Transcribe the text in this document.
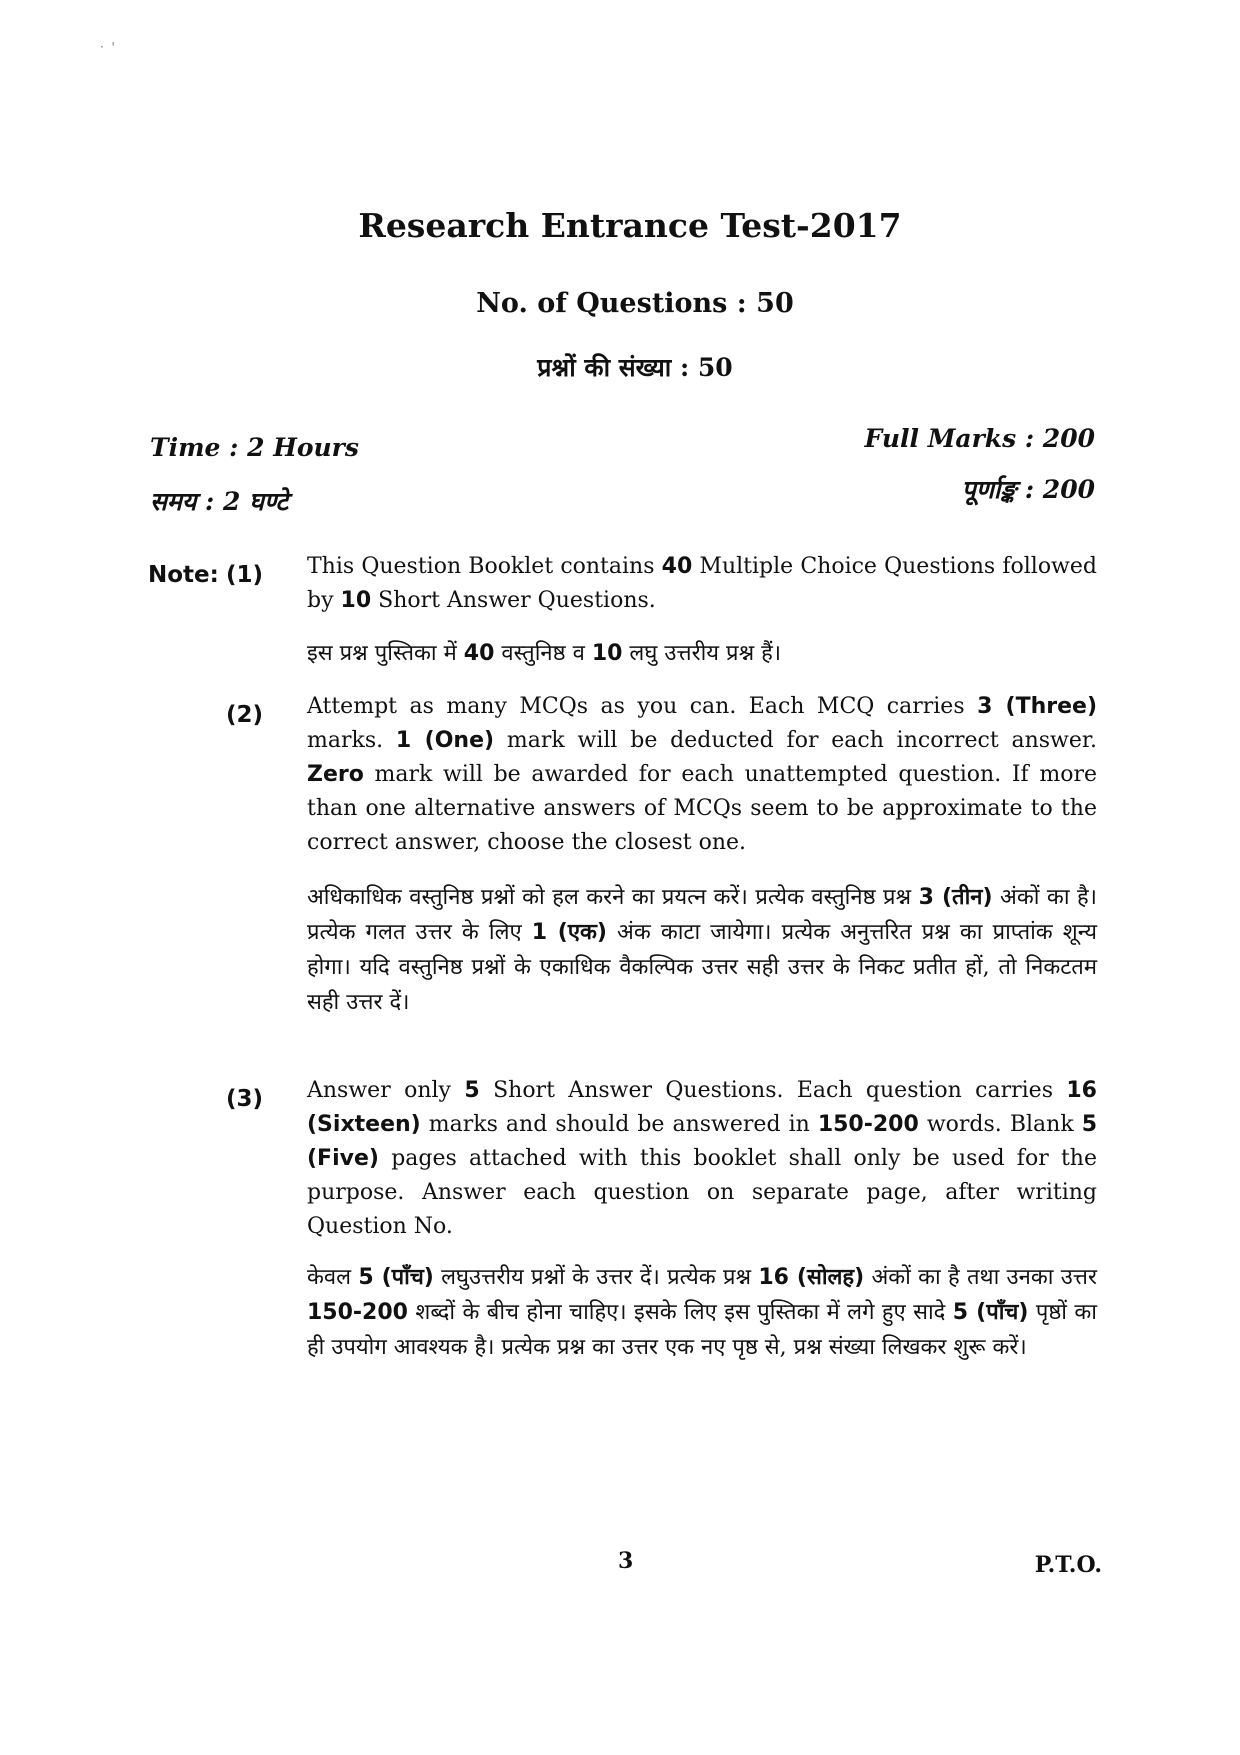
·  '
Research Entrance Test-2017
No. of Questions : 50
प्रश्नों की संख्या : 50
Time : 2 Hours
समय : 2 घण्टे
Full Marks : 200
पूर्णाङ्क : 200
Note: (1) This Question Booklet contains 40 Multiple Choice Questions followed by 10 Short Answer Questions.
इस प्रश्न पुस्तिका में 40 वस्तुनिष्ठ व 10 लघु उत्तरीय प्रश्न हैं।
(2) Attempt as many MCQs as you can. Each MCQ carries 3 (Three) marks. 1 (One) mark will be deducted for each incorrect answer. Zero mark will be awarded for each unattempted question. If more than one alternative answers of MCQs seem to be approximate to the correct answer, choose the closest one.
अधिकाधिक वस्तुनिष्ठ प्रश्नों को हल करने का प्रयत्न करें। प्रत्येक वस्तुनिष्ठ प्रश्न 3 (तीन) अंकों का है। प्रत्येक गलत उत्तर के लिए 1 (एक) अंक काटा जायेगा। प्रत्येक अनुत्तरित प्रश्न का प्राप्तांक शून्य होगा। यदि वस्तुनिष्ठ प्रश्नों के एकाधिक वैकल्पिक उत्तर सही उत्तर के निकट प्रतीत हों, तो निकटतम सही उत्तर दें।
(3) Answer only 5 Short Answer Questions. Each question carries 16 (Sixteen) marks and should be answered in 150-200 words. Blank 5 (Five) pages attached with this booklet shall only be used for the purpose. Answer each question on separate page, after writing Question No.
केवल 5 (पाँच) लघुउत्तरीय प्रश्नों के उत्तर दें। प्रत्येक प्रश्न 16 (सोलह) अंकों का है तथा उनका उत्तर 150-200 शब्दों के बीच होना चाहिए। इसके लिए इस पुस्तिका में लगे हुए सादे 5 (पाँच) पृष्ठों का ही उपयोग आवश्यक है। प्रत्येक प्रश्न का उत्तर एक नए पृष्ठ से, प्रश्न संख्या लिखकर शुरू करें।
3	P.T.O.
